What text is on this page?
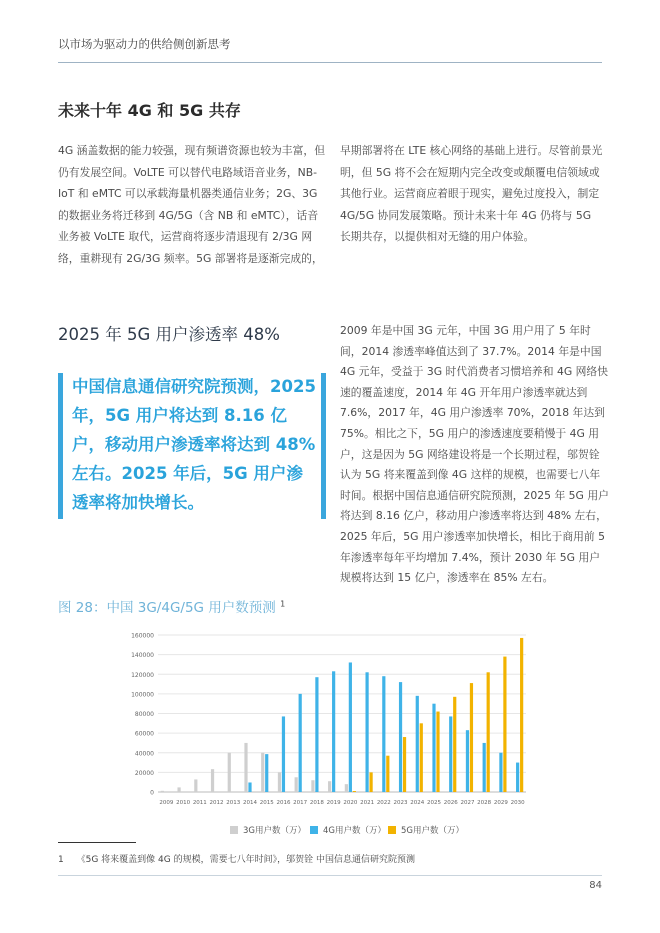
以市场为驱动力的供给侧创新思考
未来十年 4G 和 5G 共存
4G 涵盖数据的能力较强，现有频谱资源也较为丰富，但仍有发展空间。VoLTE 可以替代电路域语音业务，NB-IoT 和 eMTC 可以承载海量机器类通信业务；2G、3G 的数据业务将迁移到 4G/5G（含 NB 和 eMTC），话音业务被 VoLTE 取代，运营商将逐步清退现有 2/3G 网络，重耕现有 2G/3G 频率。5G 部署将是逐渐完成的，
早期部署将在 LTE 核心网络的基础上进行。尽管前景光明，但 5G 将不会在短期内完全改变或颠覆电信领域或其他行业。运营商应着眼于现实，避免过度投入，制定 4G/5G 协同发展策略。预计未来十年 4G 仍将与 5G 长期共存，以提供相对无缝的用户体验。
2025 年 5G 用户渗透率 48%
中国信息通信研究院预测，2025 年，5G 用户将达到 8.16 亿户，移动用户渗透率将达到 48% 左右。2025 年后，5G 用户渗透率将加快增长。
2009 年是中国 3G 元年，中国 3G 用户用了 5 年时间，2014 渗透率峰值达到了 37.7%。2014 年是中国 4G 元年，受益于 3G 时代消费者习惯培养和 4G 网络快速的覆盖速度，2014 年 4G 开年用户渗透率就达到 7.6%，2017 年，4G 用户渗透率 70%，2018 年达到 75%。相比之下，5G 用户的渗透速度要稍慢于 4G 用户，这是因为 5G 网络建设将是一个长期过程，邬贺铨认为 5G 将来覆盖到像 4G 这样的规模，也需要七八年时间。根据中国信息通信研究院预测，2025 年 5G 用户将达到 8.16 亿户，移动用户渗透率将达到 48% 左右，2025 年后，5G 用户渗透率加快增长，相比于商用前 5 年渗透率每年平均增加 7.4%，预计 2030 年 5G 用户规模将达到 15 亿户，渗透率在 85% 左右。
图 28：中国 3G/4G/5G 用户数预测 $^1$
0
20000
40000
60000
80000
100000
120000
140000
160000
2009 2010 2011 2012 2013 2014 2015 2016 2017 2018 2019 2020 2021 2022 2023 2024 2025 2026 2027 2028 2029 2030
3G用户数（万） 4G用户数（万） 5G用户数（万）
1 《5G 将来覆盖到像 4G 的规模，需要七八年时间》，邬贺铨 中国信息通信研究院预测
84
